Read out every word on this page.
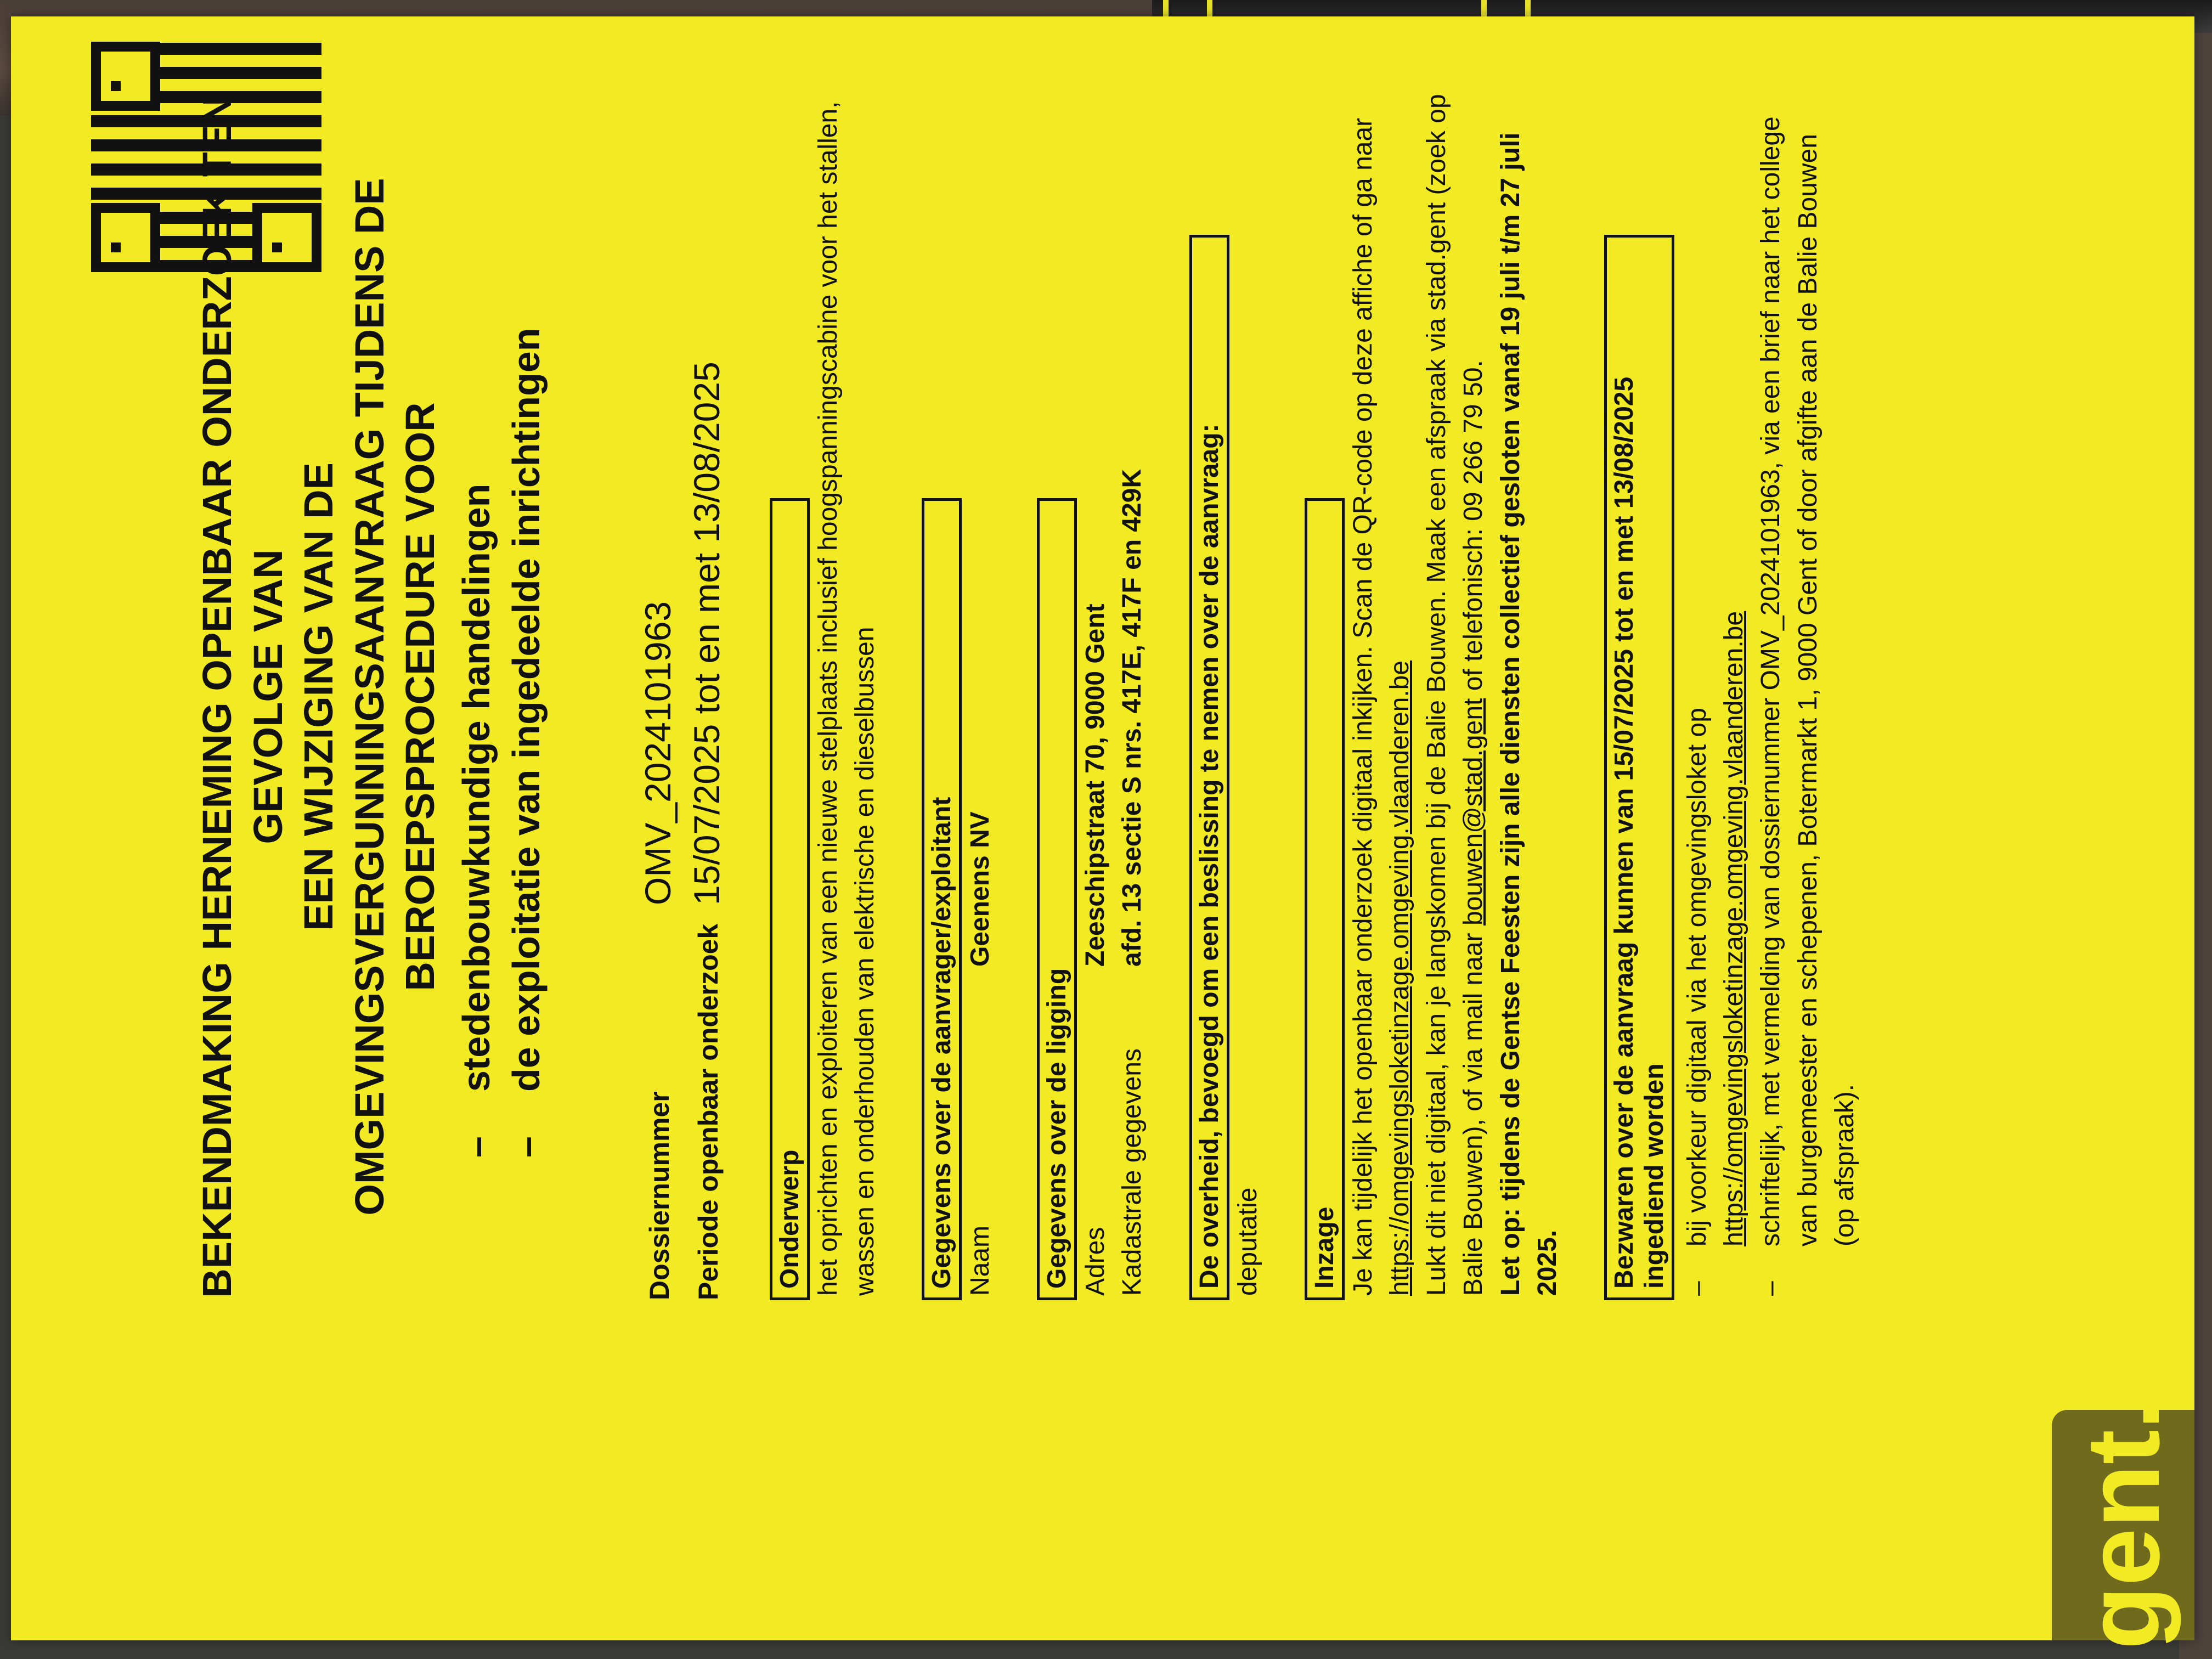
gent.

BEKENDMAKING HERNEMING OPENBAAR ONDERZOEK TEN GEVOLGE VAN EEN WIJZIGING VAN DE OMGEVINGSVERGUNNINGSAANVRAAG TIJDENS DE BEROEPSPROCEDURE VOOR – stedenbouwkundige handelingen – de exploitatie van ingedeelde inrichtingen
Dossiernummer
OMV_2024101963
Periode openbaar onderzoek
15/07/2025 tot en met 13/08/2025
Onderwerp het oprichten en exploiteren van een nieuwe stelplaats inclusief hoogspanningscabine voor het stallen, wassen en onderhouden van elektrische en dieselbussen Gegevens over de aanvrager/exploitant Naam
Geenens NV
Gegevens over de ligging Adres
Zeeschipstraat 70, 9000 Gent
Kadastrale gegevens
afd. 13 sectie S nrs. 417E, 417F en 429K De overheid, bevoegd om een beslissing te nemen over de aanvraag: deputatie Inzage Je kan tijdelijk het openbaar onderzoek digitaal inkijken. Scan de QR-code op deze affiche of ga naar https://omgevingsloketinzage.omgeving.vlaanderen.be Lukt dit niet digitaal, kan je langskomen bij de Balie Bouwen. Maak een afspraak via stad.gent (zoek op Balie Bouwen), of via mail naar bouwen@stad.gent of telefonisch: 09 266 79 50.
Let op: tijdens de Gentse Feesten zijn alle diensten collectief gesloten vanaf 19 juli t/m 27 juli 2025. Bezwaren over de aanvraag kunnen van 15/07/2025 tot en met 13/08/2025 ingediend worden –
bij voorkeur digitaal via het omgevingsloket op https://omgevingsloketinzage.omgeving.vlaanderen.be
–
schriftelijk, met vermelding van dossiernummer OMV_2024101963, via een brief naar het college van burgemeester en schepenen, Botermarkt 1, 9000 Gent of door afgifte aan de Balie Bouwen (op afspraak).
